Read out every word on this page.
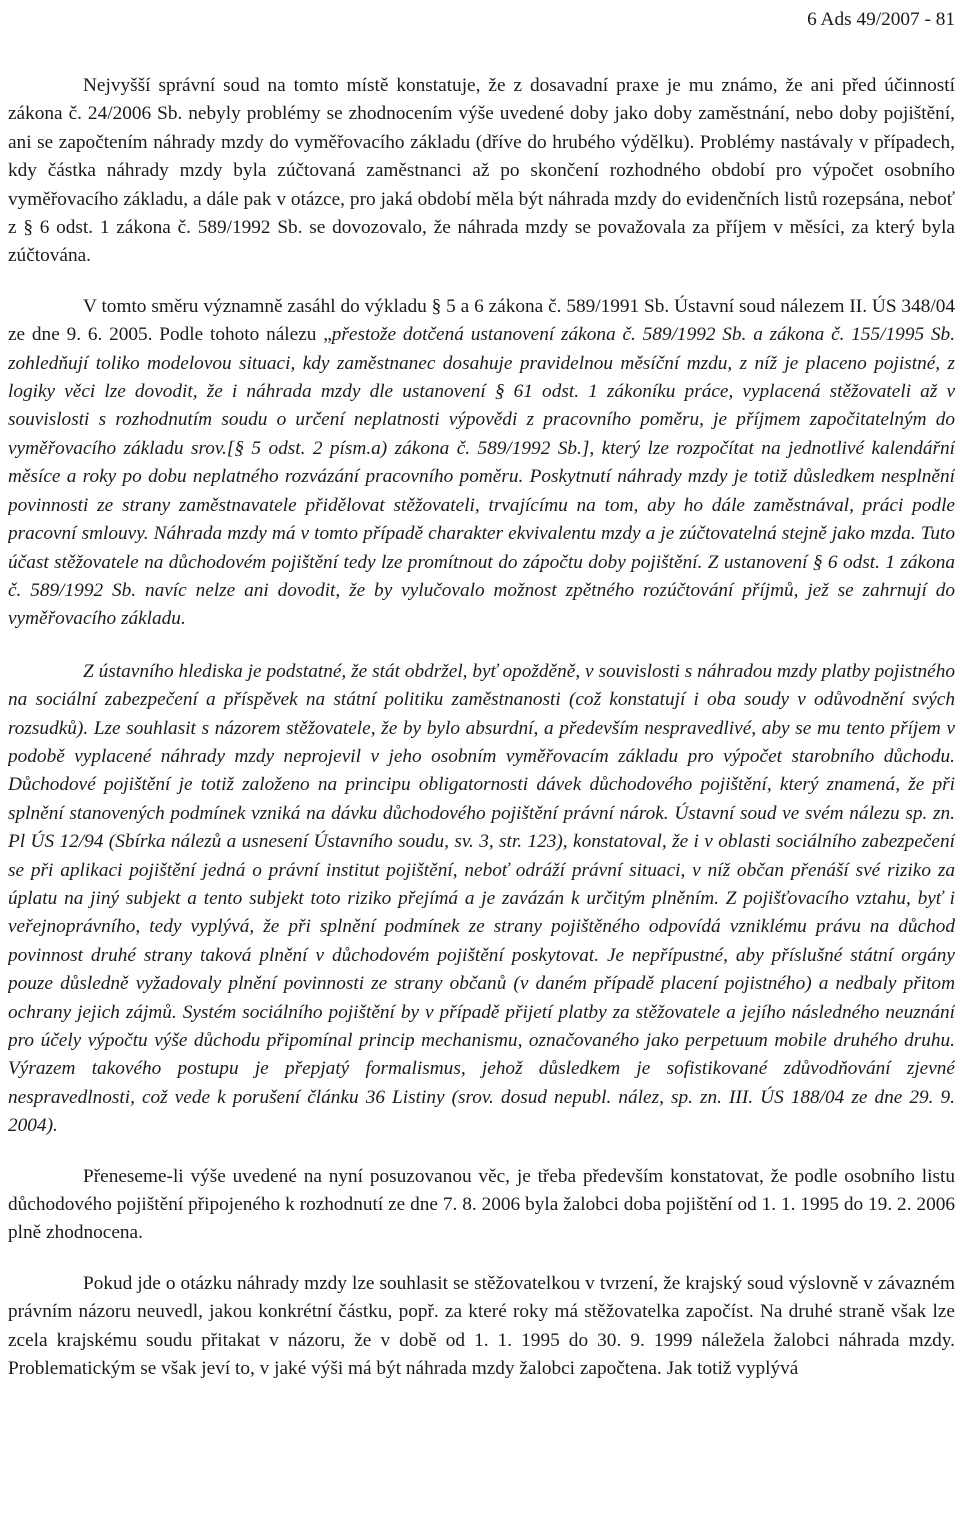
6 Ads 49/2007 - 81

Nejvyšší správní soud na tomto místě konstatuje, že z dosavadní praxe je mu známo, že ani před účinností zákona č. 24/2006 Sb. nebyly problémy se zhodnocením výše uvedené doby jako doby zaměstnání, nebo doby pojištění, ani se započtením náhrady mzdy do vyměřovacího základu (dříve do hrubého výdělku). Problémy nastávaly v případech, kdy částka náhrady mzdy byla zúčtovaná zaměstnanci až po skončení rozhodného období pro výpočet osobního vyměřovacího základu, a dále pak v otázce, pro jaká období měla být náhrada mzdy do evidenčních listů rozepsána, neboť z § 6 odst. 1 zákona č. 589/1992 Sb. se dovozovalo, že náhrada mzdy se považovala za příjem v měsíci, za který byla zúčtována.

V tomto směru významně zasáhl do výkladu § 5 a 6 zákona č. 589/1991 Sb. Ústavní soud nálezem II. ÚS 348/04 ze dne 9. 6. 2005. Podle tohoto nálezu „přestože dotčená ustanovení zákona č. 589/1992 Sb. a zákona č. 155/1995 Sb. zohledňují toliko modelovou situaci, kdy zaměstnanec dosahuje pravidelnou měsíční mzdu, z níž je placeno pojistné, z logiky věci lze dovodit, že i náhrada mzdy dle ustanovení § 61 odst. 1 zákoníku práce, vyplacená stěžovateli až v souvislosti s rozhodnutím soudu o určení neplatnosti výpovědi z pracovního poměru, je příjmem započitatelným do vyměřovacího základu srov.[§ 5 odst. 2 písm.a) zákona č. 589/1992 Sb.], který lze rozpočítat na jednotlivé kalendářní měsíce a roky po dobu neplatného rozvázání pracovního poměru. Poskytnutí náhrady mzdy je totiž důsledkem nesplnění povinnosti ze strany zaměstnavatele přidělovat stěžovateli, trvajícímu na tom, aby ho dále zaměstnával, práci podle pracovní smlouvy. Náhrada mzdy má v tomto případě charakter ekvivalentu mzdy a je zúčtovatelná stejně jako mzda. Tuto účast stěžovatele na důchodovém pojištění tedy lze promítnout do zápočtu doby pojištění. Z ustanovení § 6 odst. 1 zákona č. 589/1992 Sb. navíc nelze ani dovodit, že by vylučovalo možnost zpětného rozúčtování příjmů, jež se zahrnují do vyměřovacího základu.

Z ústavního hlediska je podstatné, že stát obdržel, byť opožděně, v souvislosti s náhradou mzdy platby pojistného na sociální zabezpečení a příspěvek na státní politiku zaměstnanosti (což konstatují i oba soudy v odůvodnění svých rozsudků). Lze souhlasit s názorem stěžovatele, že by bylo absurdní, a především nespravedlivé, aby se mu tento příjem v podobě vyplacené náhrady mzdy neprojevil v jeho osobním vyměřovacím základu pro výpočet starobního důchodu. Důchodové pojištění je totiž založeno na principu obligatornosti dávek důchodového pojištění, který znamená, že při splnění stanovených podmínek vzniká na dávku důchodového pojištění právní nárok. Ústavní soud ve svém nálezu sp. zn. Pl ÚS 12/94 (Sbírka nálezů a usnesení Ústavního soudu, sv. 3, str. 123), konstatoval, že i v oblasti sociálního zabezpečení se při aplikaci pojištění jedná o právní institut pojištění, neboť odráží právní situaci, v níž občan přenáší své riziko za úplatu na jiný subjekt a tento subjekt toto riziko přejímá a je zavázán k určitým plněním. Z pojišťovacího vztahu, byť i veřejnoprávního, tedy vyplývá, že při splnění podmínek ze strany pojištěného odpovídá vzniklému právu na důchod povinnost druhé strany taková plnění v důchodovém pojištění poskytovat. Je nepřípustné, aby příslušné státní orgány pouze důsledně vyžadovaly plnění povinnosti ze strany občanů (v daném případě placení pojistného) a nedbaly přitom ochrany jejich zájmů. Systém sociálního pojištění by v případě přijetí platby za stěžovatele a jejího následného neuznání pro účely výpočtu výše důchodu připomínal princip mechanismu, označovaného jako perpetuum mobile druhého druhu. Výrazem takového postupu je přepjatý formalismus, jehož důsledkem je sofistikované zdůvodňování zjevné nespravedlnosti, což vede k porušení článku 36 Listiny (srov. dosud nepubl. nález, sp. zn. III. ÚS 188/04 ze dne 29. 9. 2004).

Přeneseme-li výše uvedené na nyní posuzovanou věc, je třeba především konstatovat, že podle osobního listu důchodového pojištění připojeného k rozhodnutí ze dne 7. 8. 2006 byla žalobci doba pojištění od 1. 1. 1995 do 19. 2. 2006 plně zhodnocena.

Pokud jde o otázku náhrady mzdy lze souhlasit se stěžovatelkou v tvrzení, že krajský soud výslovně v závazném právním názoru neuvedl, jakou konkrétní částku, popř. za které roky má stěžovatelka započíst. Na druhé straně však lze zcela krajskému soudu přitakat v názoru, že v době od 1. 1. 1995 do 30. 9. 1999 náležela žalobci náhrada mzdy. Problematickým se však jeví to, v jaké výši má být náhrada mzdy žalobci započtena. Jak totiž vyplývá
